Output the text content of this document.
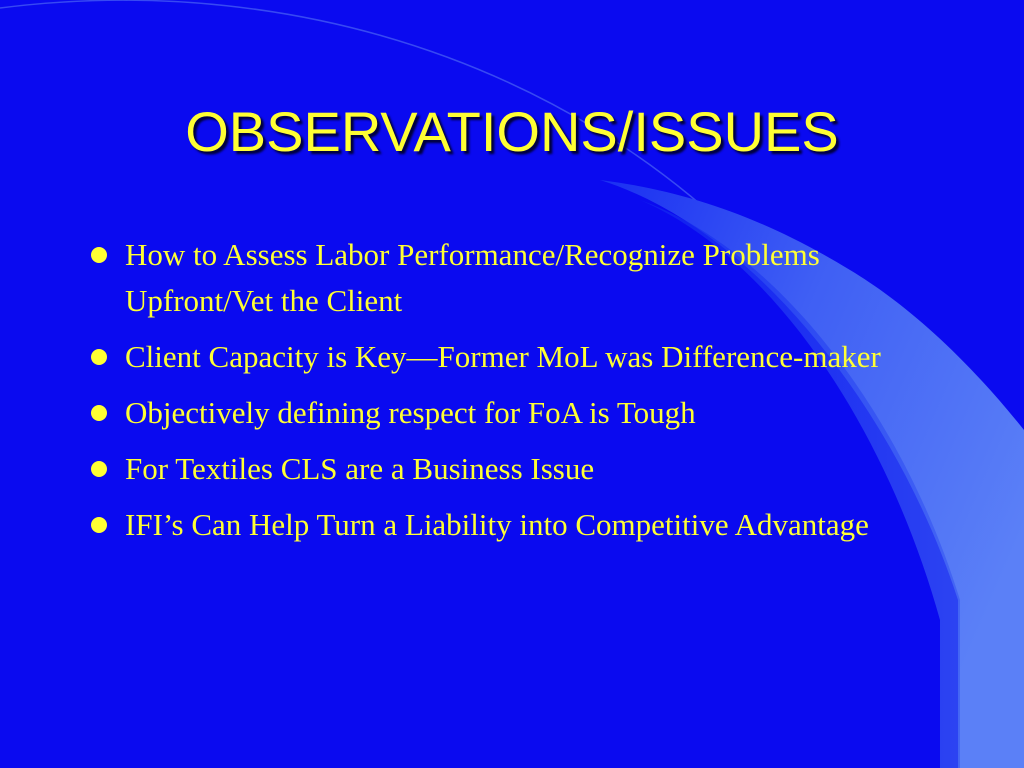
OBSERVATIONS/ISSUES
How to Assess Labor Performance/Recognize Problems Upfront/Vet the Client
Client Capacity is Key—Former MoL was Difference-maker
Objectively defining respect for FoA is Tough
For Textiles CLS are a Business Issue
IFI’s Can Help Turn a Liability into Competitive Advantage
